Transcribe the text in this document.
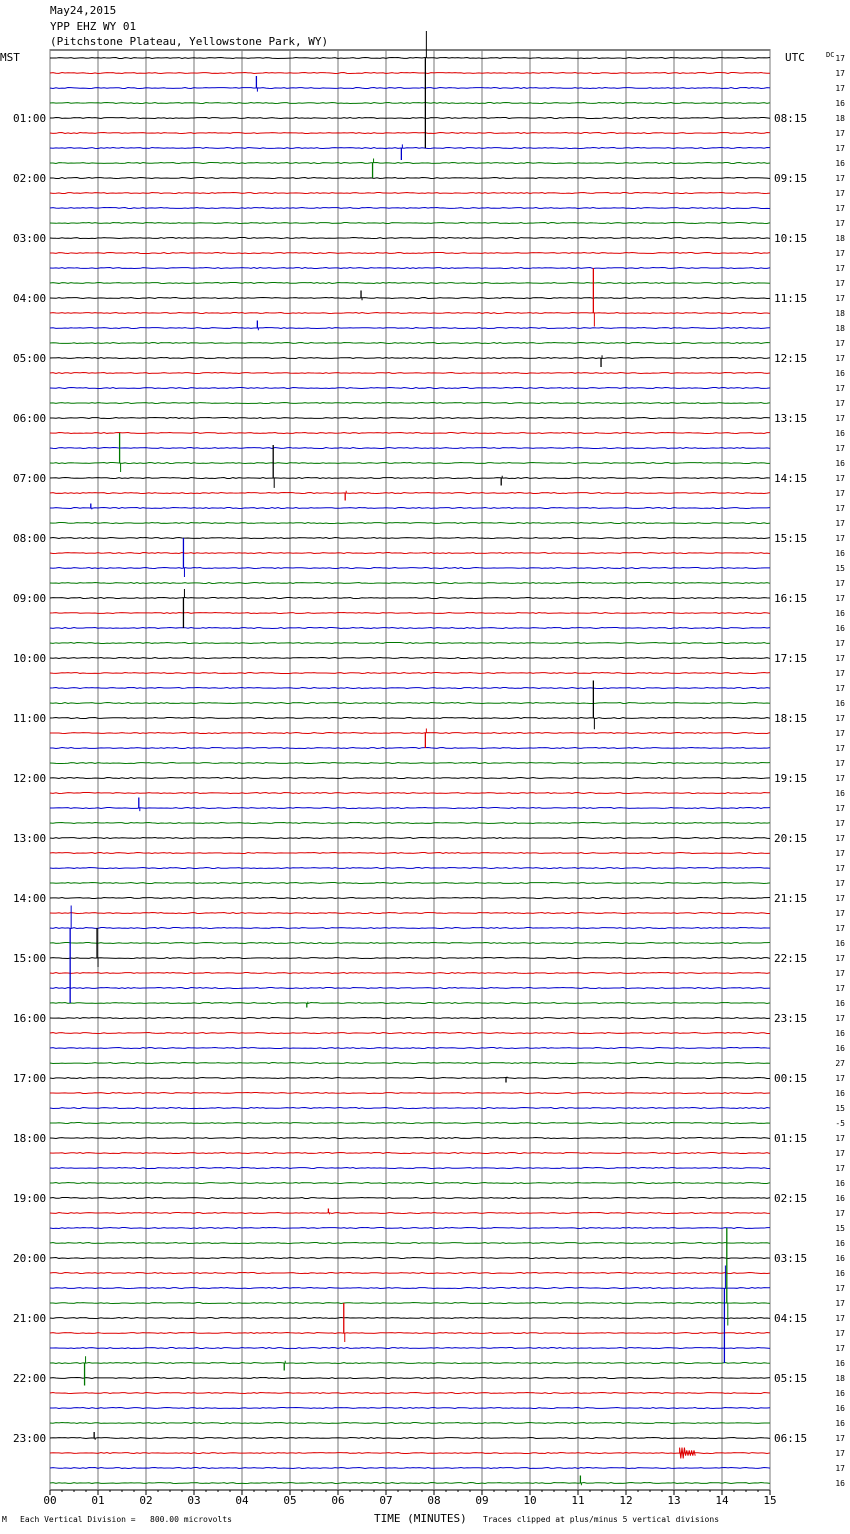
May24,2015
YPP EHZ WY 01
(Pitchstone Plateau, Yellowstone Park, WY)
00	01	02	03	04	05	06	07	08	09	10	11	12	13	14	15
MST	UTC	DC
01:00
02:00
03:00
04:00
05:00
06:00
07:00
08:00
09:00
10:00
11:00
12:00
13:00
14:00
15:00
16:00
17:00
18:00
19:00
20:00
21:00
22:00
23:00
08:15
09:15
10:15
11:15
12:15
13:15
14:15
15:15
16:15
17:15
18:15
19:15
20:15
21:15
22:15
23:15
00:15
01:15
02:15
03:15
04:15
05:15
06:15
17
17
17
16
18
17
17
16
17
17
17
17
18
17
17
17
17
18
18
17
17
16
17
17
17
16
17
16
17
17
17
17
17
16
15
17
17
16
16
17
17
17
17
16
17
17
17
17
17
16
17
17
17
17
17
17
17
17
17
16
17
17
17
16
17
16
16
27
17
16
15
-5
17
17
17
16
16
17
15
16
16
16
17
17
17
17
17
16
18
16
16
16
17
17
17
16
M Each Vertical Division =   800.00 microvolts	TIME (MINUTES) Traces clipped at plus/minus 5 vertical divisions
